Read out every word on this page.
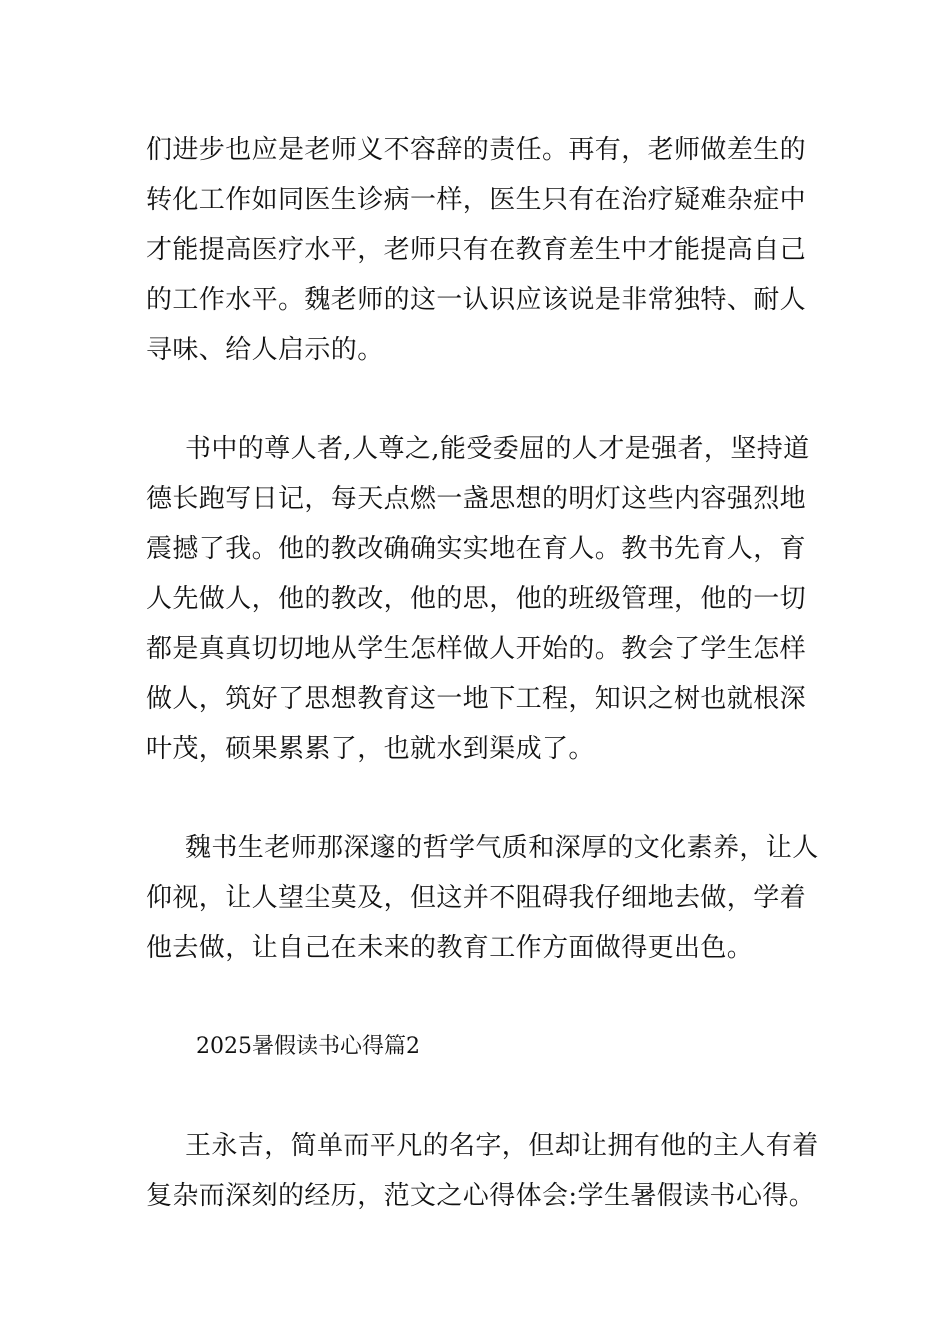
们进步也应是老师义不容辞的责任。再有，老师做差生的
转化工作如同医生诊病一样，医生只有在治疗疑难杂症中
才能提高医疗水平，老师只有在教育差生中才能提高自己
的工作水平。魏老师的这一认识应该说是非常独特、耐人
寻味、给人启示的。
书中的尊人者,人尊之,能受委屈的人才是强者，坚持道
德长跑写日记，每天点燃一盏思想的明灯这些内容强烈地
震撼了我。他的教改确确实实地在育人。教书先育人，育
人先做人，他的教改，他的思，他的班级管理，他的一切
都是真真切切地从学生怎样做人开始的。教会了学生怎样
做人，筑好了思想教育这一地下工程，知识之树也就根深
叶茂，硕果累累了，也就水到渠成了。
魏书生老师那深邃的哲学气质和深厚的文化素养，让人
仰视，让人望尘莫及，但这并不阻碍我仔细地去做，学着
他去做，让自己在未来的教育工作方面做得更出色。
2025暑假读书心得篇2
王永吉，简单而平凡的名字，但却让拥有他的主人有着
复杂而深刻的经历，范文之心得体会:学生暑假读书心得。
